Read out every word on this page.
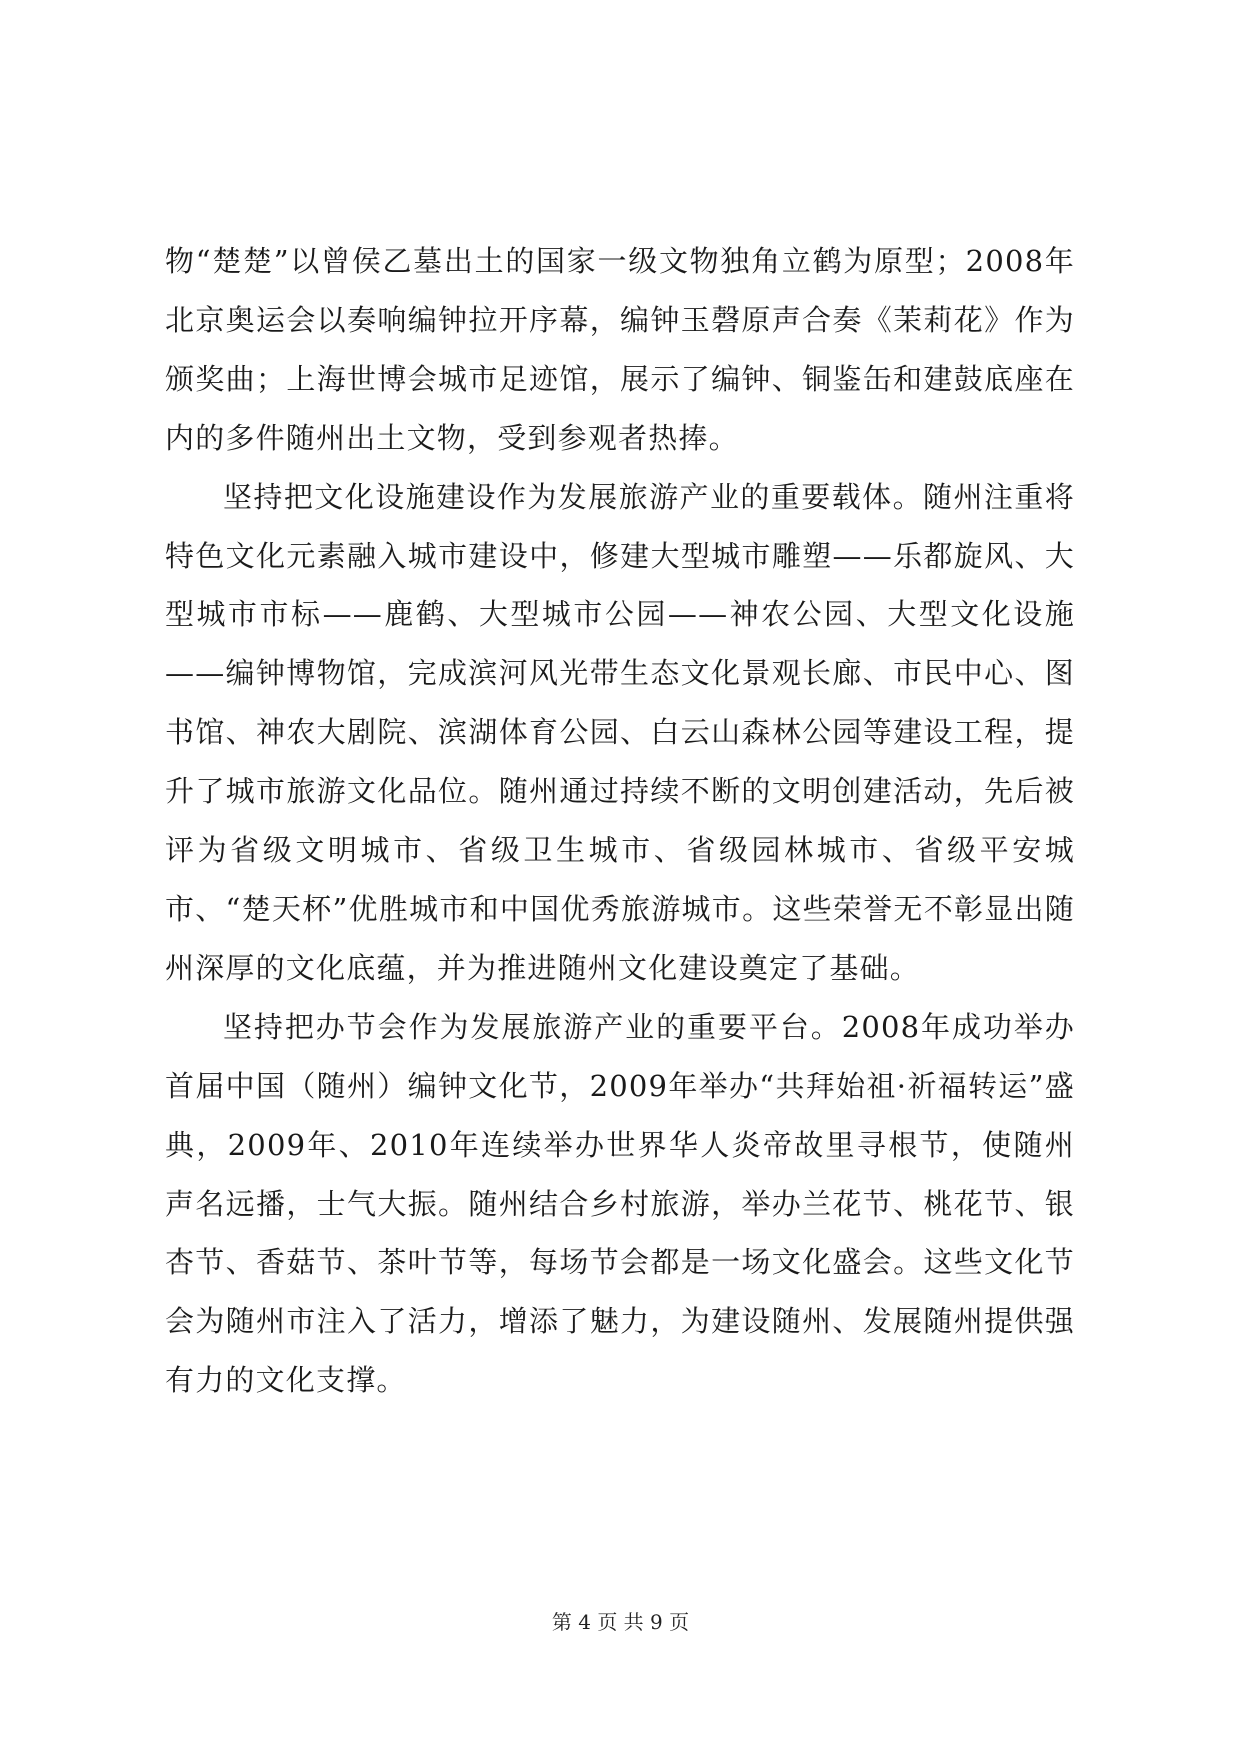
物“楚楚”以曾侯乙墓出土的国家一级文物独角立鹤为原型；2008年北京奥运会以奏响编钟拉开序幕，编钟玉磬原声合奏《茉莉花》作为颁奖曲；上海世博会城市足迹馆，展示了编钟、铜鉴缶和建鼓底座在内的多件随州出土文物，受到参观者热捧。

坚持把文化设施建设作为发展旅游产业的重要载体。随州注重将特色文化元素融入城市建设中，修建大型城市雕塑——乐都旋风、大型城市市标——鹿鹤、大型城市公园——神农公园、大型文化设施——编钟博物馆，完成滨河风光带生态文化景观长廊、市民中心、图书馆、神农大剧院、滨湖体育公园、白云山森林公园等建设工程，提升了城市旅游文化品位。随州通过持续不断的文明创建活动，先后被评为省级文明城市、省级卫生城市、省级园林城市、省级平安城市、“楚天杯”优胜城市和中国优秀旅游城市。这些荣誉无不彰显出随州深厚的文化底蕴，并为推进随州文化建设奠定了基础。

坚持把办节会作为发展旅游产业的重要平台。2008年成功举办首届中国（随州）编钟文化节，2009年举办“共拜始祖·祈福转运”盛典，2009年、2010年连续举办世界华人炎帝故里寻根节，使随州声名远播，士气大振。随州结合乡村旅游，举办兰花节、桃花节、银杏节、香菇节、茶叶节等，每场节会都是一场文化盛会。这些文化节会为随州市注入了活力，增添了魅力，为建设随州、发展随州提供强有力的文化支撑。

第 4 页 共 9 页
